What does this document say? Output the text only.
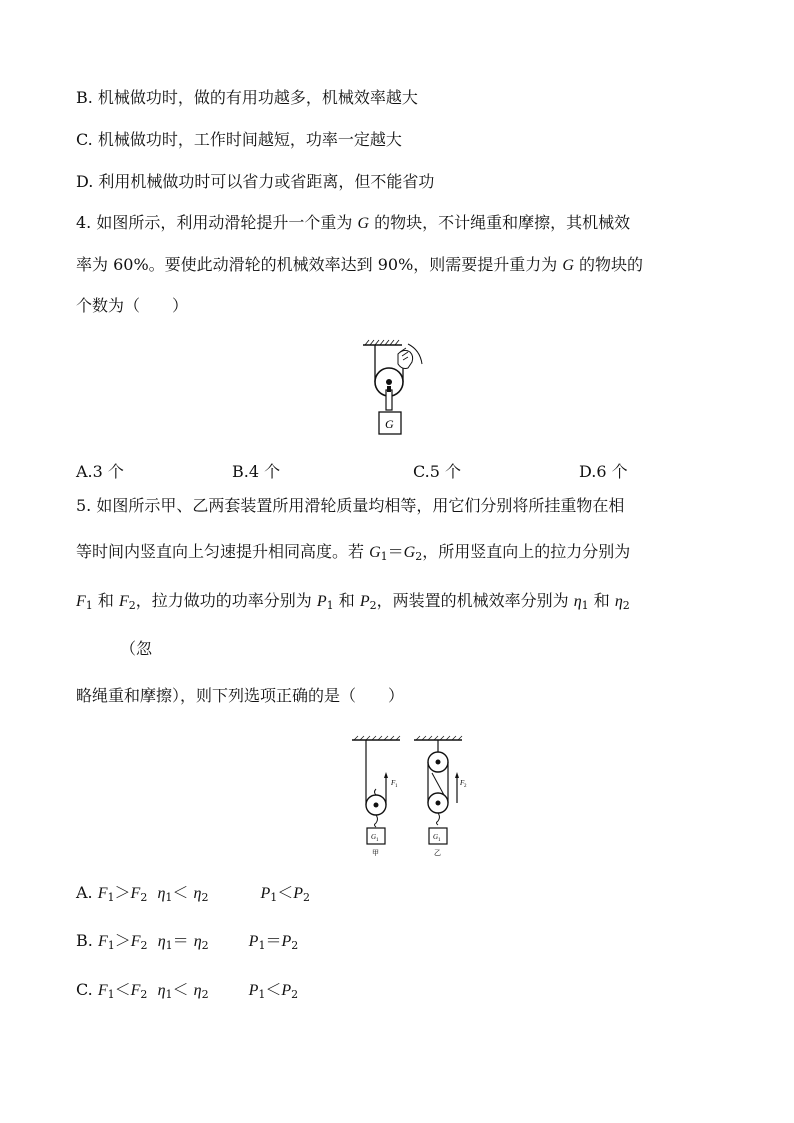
B. 机械做功时，做的有用功越多，机械效率越大
C. 机械做功时，工作时间越短，功率一定越大
D. 利用机械做功时可以省力或省距离，但不能省功
4. 如图所示，利用动滑轮提升一个重为 G 的物块，不计绳重和摩擦，其机械效
率为 60%。要使此动滑轮的机械效率达到 90%，则需要提升重力为 G 的物块的
个数为（　　）
G
A.3 个	B.4 个	C.5 个	D.6 个
5. 如图所示甲、乙两套装置所用滑轮质量均相等，用它们分别将所挂重物在相
等时间内竖直向上匀速提升相同高度。若 $G_1=G_2$，所用竖直向上的拉力分别为
$F_1$ 和 $F_2$，拉力做功的功率分别为 $P_1$ 和 $P_2$，两装置的机械效率分别为 $\eta_1$ 和 $\eta_2$
（忽
略绳重和摩擦），则下列选项正确的是（　　）
F 1
G 1
甲
F 2
G 1
乙
A. $F_1>F_2$ $\eta_1< \eta_2$	$P_1<P_2$
B. $F_1>F_2$ $\eta_1= \eta_2$	$P_1=P_2$
C. $F_1<F_2$ $\eta_1< \eta_2$	$P_1<P_2$
